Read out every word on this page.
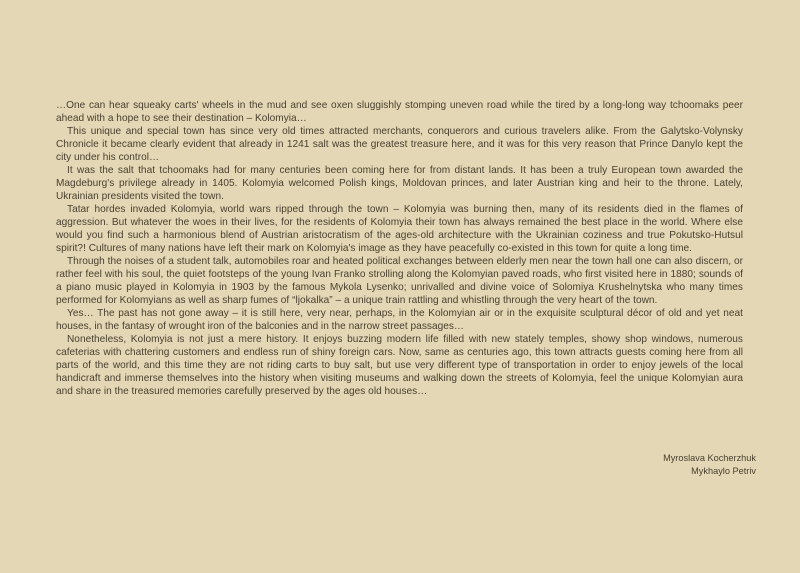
…One can hear squeaky carts' wheels in the mud and see oxen sluggishly stomping uneven road while the tired by a long-long way tchoomaks peer ahead with a hope to see their destination – Kolomyia…

This unique and special town has since very old times attracted merchants, conquerors and curious travelers alike. From the Galytsko-Volynsky Chronicle it became clearly evident that already in 1241 salt was the greatest treasure here, and it was for this very reason that Prince Danylo kept the city under his control…

It was the salt that tchoomaks had for many centuries been coming here for from distant lands. It has been a truly European town awarded the Magdeburg's privilege already in 1405. Kolomyia welcomed Polish kings, Moldovan princes, and later Austrian king and heir to the throne. Lately, Ukrainian presidents visited the town.

Tatar hordes invaded Kolomyia, world wars ripped through the town – Kolomyia was burning then, many of its residents died in the flames of aggression. But whatever the woes in their lives, for the residents of Kolomyia their town has always remained the best place in the world. Where else would you find such a harmonious blend of Austrian aristocratism of the ages-old architecture with the Ukrainian coziness and true Pokutsko-Hutsul spirit?! Cultures of many nations have left their mark on Kolomyia's image as they have peacefully co-existed in this town for quite a long time.

Through the noises of a student talk, automobiles roar and heated political exchanges between elderly men near the town hall one can also discern, or rather feel with his soul, the quiet footsteps of the young Ivan Franko strolling along the Kolomyian paved roads, who first visited here in 1880; sounds of a piano music played in Kolomyia in 1903 by the famous Mykola Lysenko; unrivalled and divine voice of Solomiya Krushelnytska who many times performed for Kolomyians as well as sharp fumes of “ljokalka” – a unique train rattling and whistling through the very heart of the town.

Yes… The past has not gone away – it is still here, very near, perhaps, in the Kolomyian air or in the exquisite sculptural décor of old and yet neat houses, in the fantasy of wrought iron of the balconies and in the narrow street passages…

Nonetheless, Kolomyia is not just a mere history. It enjoys buzzing modern life filled with new stately temples, showy shop windows, numerous cafeterias with chattering customers and endless run of shiny foreign cars. Now, same as centuries ago, this town attracts guests coming here from all parts of the world, and this time they are not riding carts to buy salt, but use very different type of transportation in order to enjoy jewels of the local handicraft and immerse themselves into the history when visiting museums and walking down the streets of Kolomyia, feel the unique Kolomyian aura and share in the treasured memories carefully preserved by the ages old houses…

Myroslava Kocherzhuk
Mykhaylo Petriv
